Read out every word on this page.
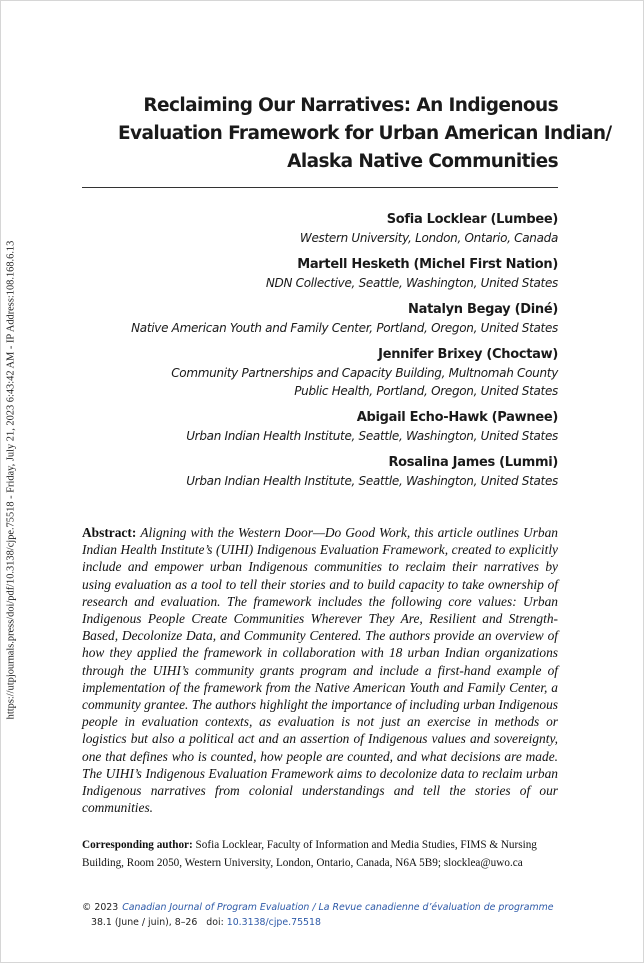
https://utpjournals.press/doi/pdf/10.3138/cjpe.75518 - Friday, July 21, 2023 6:43:42 AM - IP Address:108.168.6.13
Reclaiming Our Narratives: An Indigenous
Evaluation Framework for Urban American Indian/
Alaska Native Communities
Sofia Locklear (Lumbee)
Western University, London, Ontario, Canada
Martell Hesketh (Michel First Nation)
NDN Collective, Seattle, Washington, United States
Natalyn Begay (Diné)
Native American Youth and Family Center, Portland, Oregon, United States
Jennifer Brixey (Choctaw)
Community Partnerships and Capacity Building, Multnomah County
Public Health, Portland, Oregon, United States
Abigail Echo-Hawk (Pawnee)
Urban Indian Health Institute, Seattle, Washington, United States
Rosalina James (Lummi)
Urban Indian Health Institute, Seattle, Washington, United States

Abstract: Aligning with the Western Door—Do Good Work, this article outlines Urban Indian Health Institute’s (UIHI) Indigenous Evaluation Framework, created to explicitly include and empower urban Indigenous communities to reclaim their narratives by using evaluation as a tool to tell their stories and to build capacity to take ownership of research and evaluation. The framework includes the following core values: Urban Indigenous People Create Communities Wherever They Are, Resilient and Strength-Based, Decolonize Data, and Community Centered. The authors provide an overview of how they applied the framework in collaboration with 18 urban Indian organizations through the UIHI’s community grants program and include a first-hand example of implementation of the framework from the Native American Youth and Family Center, a community grantee. The authors highlight the importance of including urban Indigenous people in evaluation contexts, as evaluation is not just an exercise in methods or logistics but also a political act and an assertion of Indigenous values and sovereignty, one that defines who is counted, how people are counted, and what decisions are made. The UIHI’s Indigenous Evaluation Framework aims to decolonize data to reclaim urban Indigenous narratives from colonial understandings and tell the stories of our communities.

Corresponding author: Sofia Locklear, Faculty of Information and Media Studies, FIMS & Nursing Building, Room 2050, Western University, London, Ontario, Canada, N6A 5B9; slocklea@uwo.ca

© 2023 Canadian Journal of Program Evaluation / La Revue canadienne d’évaluation de programme
38.1 (June / juin), 8–26 doi: 10.3138/cjpe.75518
